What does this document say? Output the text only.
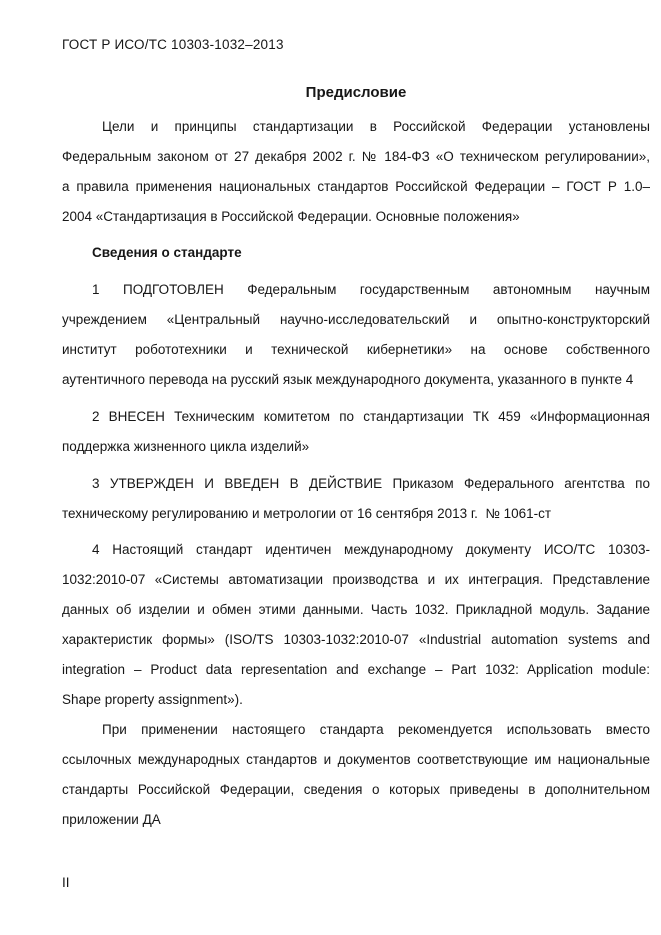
ГОСТ Р ИСО/ТС 10303-1032–2013
Предисловие
Цели и принципы стандартизации в Российской Федерации установлены
Федеральным законом от 27 декабря 2002 г. № 184-ФЗ «О техническом регулировании»,
а правила применения национальных стандартов Российской Федерации – ГОСТ Р 1.0–
2004 «Стандартизация в Российской Федерации. Основные положения»
Сведения о стандарте
1 ПОДГОТОВЛЕН Федеральным государственным автономным научным
учреждением «Центральный научно-исследовательский и опытно-конструкторский
институт робототехники и технической кибернетики» на основе собственного
аутентичного перевода на русский язык международного документа, указанного в пункте 4
2 ВНЕСЕН Техническим комитетом по стандартизации ТК 459 «Информационная
поддержка жизненного цикла изделий»
3 УТВЕРЖДЕН И ВВЕДЕН В ДЕЙСТВИЕ Приказом Федерального агентства по
техническому регулированию и метрологии от 16 сентября 2013 г.  № 1061-ст
4 Настоящий стандарт идентичен международному документу ИСО/ТС 10303-
1032:2010-07 «Системы автоматизации производства и их интеграция. Представление
данных об изделии и обмен этими данными. Часть 1032. Прикладной модуль. Задание
характеристик формы» (ISO/TS 10303-1032:2010-07 «Industrial automation systems and
integration – Product data representation and exchange – Part 1032: Application module:
Shape property assignment»).
При применении настоящего стандарта рекомендуется использовать вместо
ссылочных международных стандартов и документов соответствующие им национальные
стандарты Российской Федерации, сведения о которых приведены в дополнительном
приложении ДА
II
